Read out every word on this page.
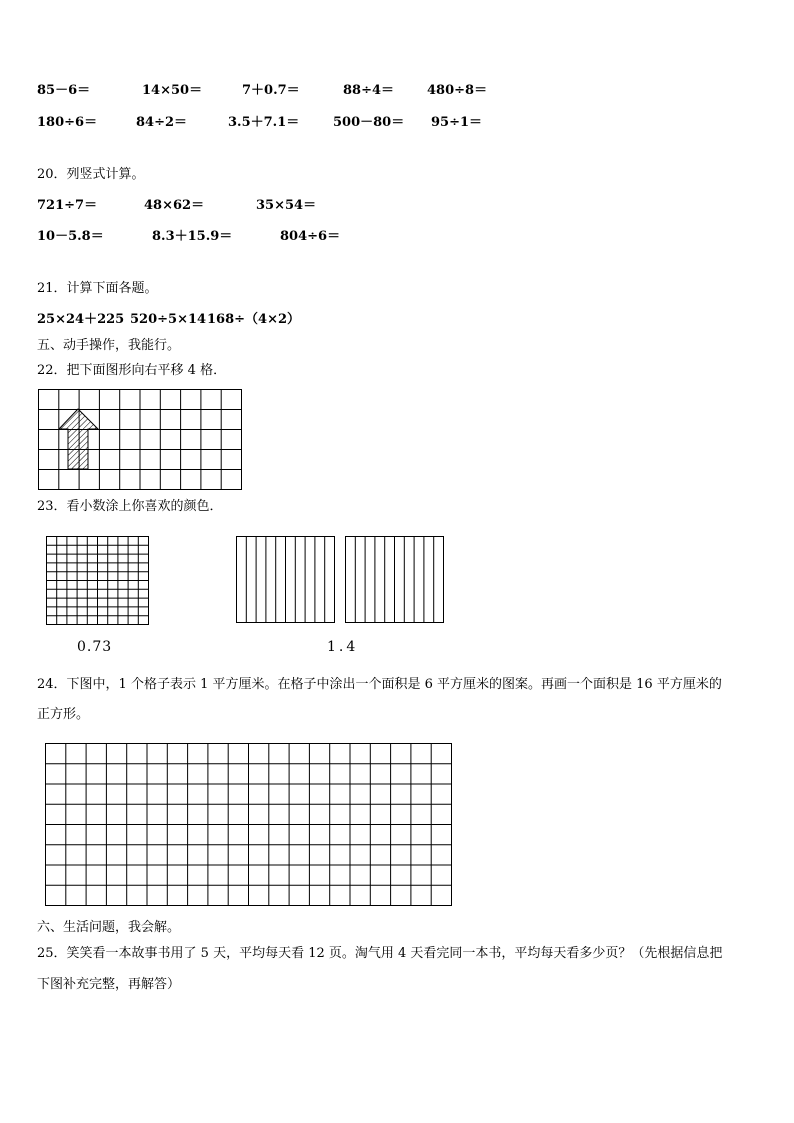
85－6＝	14×50＝	7＋0.7＝	88÷4＝	480÷8＝
180÷6＝	84÷2＝	3.5＋7.1＝	500－80＝ 95÷1＝
20．列竖式计算。
721÷7＝	48×62＝	35×54＝
10－5.8＝	8.3＋15.9＝	804÷6＝
21．计算下面各题。
25×24＋225 520÷5×14 168÷（4×2）
五、动手操作，我能行。
22．把下面图形向右平移 4 格．
23．看小数涂上你喜欢的颜色．
0.73	1.4
24．下图中，1 个格子表示 1 平方厘米。在格子中涂出一个面积是 6 平方厘米的图案。再画一个面积是 16 平方厘米的
正方形。
六、生活问题，我会解。
25．笑笑看一本故事书用了 5 天，平均每天看 12 页。淘气用 4 天看完同一本书，平均每天看多少页？（先根据信息把
下图补充完整，再解答）
